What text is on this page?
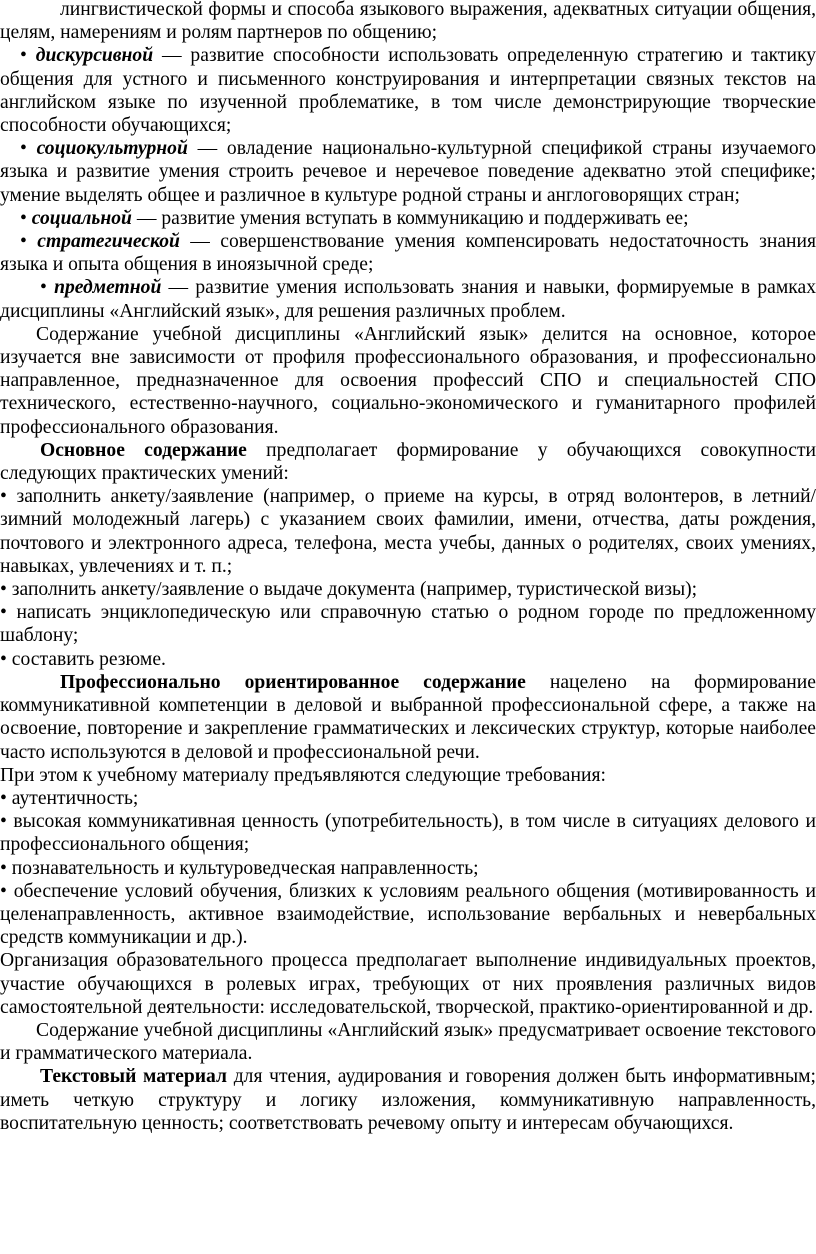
лингвистической формы и способа языкового выражения, адекватных ситуации общения, целям, намерениям и ролям партнеров по общению;

• дискурсивной — развитие способности использовать определенную стратегию и тактику общения для устного и письменного конструирования и интерпретации связных текстов на английском языке по изученной проблематике, в том числе демонстрирующие творческие способности обучающихся;

• социокультурной — овладение национально-культурной спецификой страны изучаемого языка и развитие умения строить речевое и неречевое поведение адекватно этой специфике; умение выделять общее и различное в культуре родной страны и англоговорящих стран;

• социальной — развитие умения вступать в коммуникацию и поддерживать ее;

• стратегической — совершенствование умения компенсировать недостаточность знания языка и опыта общения в иноязычной среде;

• предметной — развитие умения использовать знания и навыки, формируемые в рамках дисциплины «Английский язык», для решения различных проблем.

Содержание учебной дисциплины «Английский язык» делится на основное, которое изучается вне зависимости от профиля профессионального образования, и профессионально направленное, предназначенное для освоения профессий СПО и специальностей СПО технического, естественно-научного, социально-экономического и гуманитарного профилей профессионального образования.

Основное содержание предполагает формирование у обучающихся совокупности следующих практических умений:

• заполнить анкету/заявление (например, о приеме на курсы, в отряд волонтеров, в летний/зимний молодежный лагерь) с указанием своих фамилии, имени, отчества, даты рождения, почтового и электронного адреса, телефона, места учебы, данных о родителях, своих умениях, навыках, увлечениях и т. п.;

• заполнить анкету/заявление о выдаче документа (например, туристической визы);

• написать энциклопедическую или справочную статью о родном городе по предложенному шаблону;

• составить резюме.

Профессионально ориентированное содержание нацелено на формирование коммуникативной компетенции в деловой и выбранной профессиональной сфере, а также на освоение, повторение и закрепление грамматических и лексических структур, которые наиболее часто используются в деловой и профессиональной речи.

При этом к учебному материалу предъявляются следующие требования:

• аутентичность;

• высокая коммуникативная ценность (употребительность), в том числе в ситуациях делового и профессионального общения;

• познавательность и культуроведческая направленность;

• обеспечение условий обучения, близких к условиям реального общения (мотивированность и целенаправленность, активное взаимодействие, использование вербальных и невербальных средств коммуникации и др.).

Организация образовательного процесса предполагает выполнение индивидуальных проектов, участие обучающихся в ролевых играх, требующих от них проявления различных видов самостоятельной деятельности: исследовательской, творческой, практико-ориентированной и др.

Содержание учебной дисциплины «Английский язык» предусматривает освоение текстового и грамматического материала.

Текстовый материал для чтения, аудирования и говорения должен быть информативным; иметь четкую структуру и логику изложения, коммуникативную направленность, воспитательную ценность; соответствовать речевому опыту и интересам обучающихся.
